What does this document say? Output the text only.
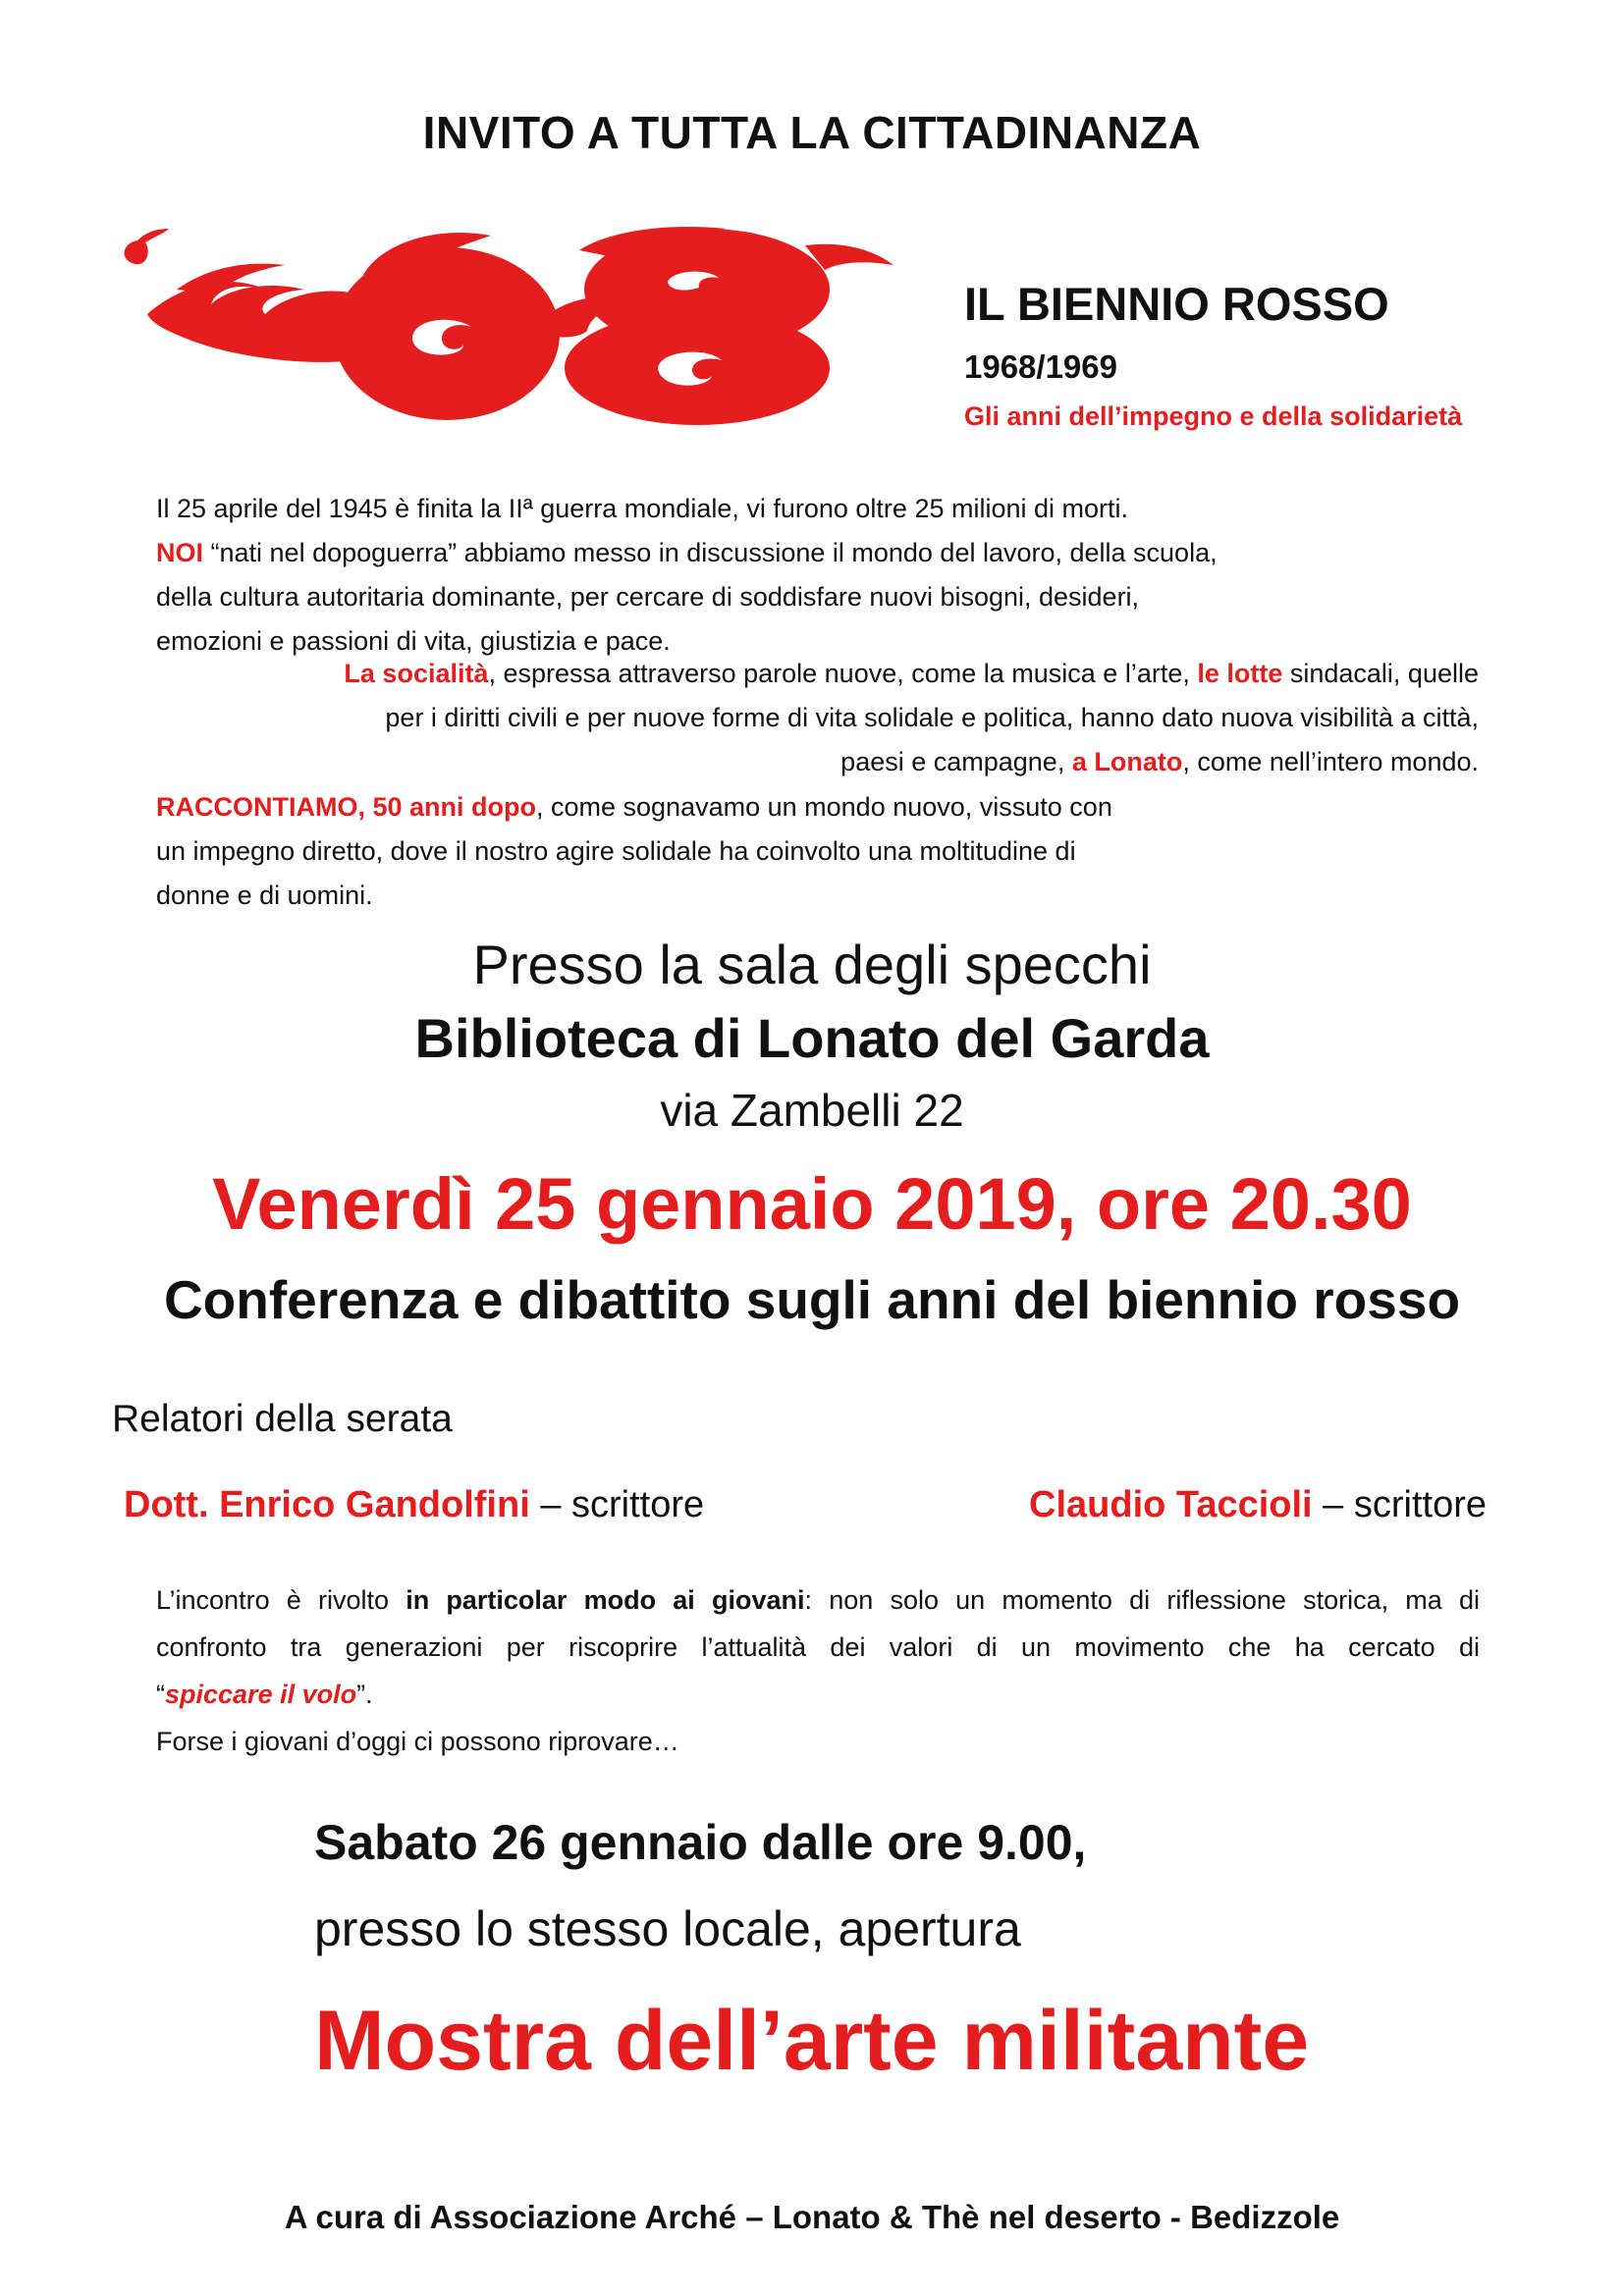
INVITO A TUTTA LA CITTADINANZA
IL BIENNIO ROSSO
1968/1969
Gli anni dell’impegno e della solidarietà
Il 25 aprile del 1945 è finita la IIª guerra mondiale, vi furono oltre 25 milioni di morti.
NOI “nati nel dopoguerra” abbiamo messo in discussione il mondo del lavoro, della scuola,
della cultura autoritaria dominante, per cercare di soddisfare nuovi bisogni, desideri,
emozioni e passioni di vita, giustizia e pace.
La socialità, espressa attraverso parole nuove, come la musica e l’arte, le lotte sindacali, quelle
per i diritti civili e per nuove forme di vita solidale e politica, hanno dato nuova visibilità a città,
paesi e campagne, a Lonato, come nell’intero mondo.
RACCONTIAMO, 50 anni dopo, come sognavamo un mondo nuovo, vissuto con
un impegno diretto, dove il nostro agire solidale ha coinvolto una moltitudine di
donne e di uomini.
Presso la sala degli specchi
Biblioteca di Lonato del Garda
via Zambelli 22
Venerdì 25 gennaio 2019, ore 20.30
Conferenza e dibattito sugli anni del biennio rosso
Relatori della serata
Dott. Enrico Gandolfini – scrittore	Claudio Taccioli – scrittore
L’incontro è rivolto in particolar modo ai giovani: non solo un momento di riflessione storica, ma di
confronto tra generazioni per riscoprire l’attualità dei valori di un movimento che ha cercato di
“spiccare il volo”.
Forse i giovani d’oggi ci possono riprovare…
Sabato 26 gennaio dalle ore 9.00,
presso lo stesso locale, apertura
Mostra dell’arte militante
A cura di Associazione Arché – Lonato & Thè nel deserto - Bedizzole
